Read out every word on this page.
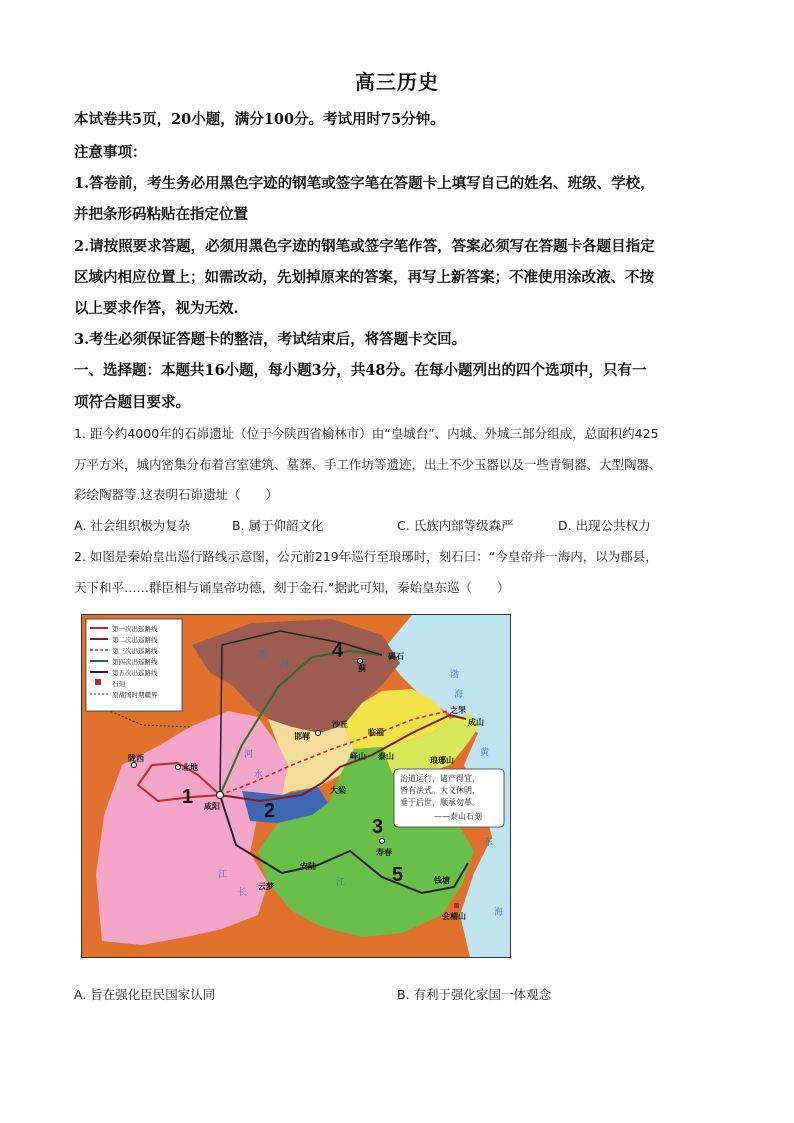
高三历史
本试卷共5页，20小题，满分100分。考试用时75分钟。
注意事项：
1.答卷前，考生务必用黑色字迹的钢笔或签字笔在答题卡上填写自己的姓名、班级、学校，
并把条形码粘贴在指定位置
2.请按照要求答题，必须用黑色字迹的钢笔或签字笔作答，答案必须写在答题卡各题目指定
区域内相应位置上；如需改动，先划掉原来的答案，再写上新答案；不准使用涂改液、不按
以上要求作答，视为无效.
3.考生必须保证答题卡的整洁，考试结束后，将答题卡交回。
一、选择题：本题共16小题，每小题3分，共48分。在每小题列出的四个选项中，只有一
项符合题目要求。
1. 距今约4000年的石峁遗址（位于今陕西省榆林市）由“皇城台”、内城、外城三部分组成，总面积约425
万平方米，城内密集分布着宫室建筑、墓葬、手工作坊等遗迹，出土不少玉器以及一些青铜器、大型陶器、
彩绘陶器等.这表明石峁遗址（　　）
A. 社会组织极为复杂	B. 属于仰韶文化	C. 氏族内部等级森严	D. 出现公共权力
2. 如图是秦始皇出巡行路线示意图，公元前219年巡行至琅琊时，刻石曰：“今皇帝并一海内，以为郡县，
天下和平……群臣相与诵皇帝功德，刻于金石.”据此可知，秦始皇东巡（　　）
第一次出巡路线
第二次出巡路线
第三次出巡路线
第四次出巡路线
第五次出巡路线
石刻
原战国时期疆界
黄
河
河
水
江
长
江
渤
海
黄
东
海
陇西
北地
咸阳
邯郸
沙丘
临淄
之罘
琅琊山
泰山
峄山
大梁
寿春
安陆
云梦
钱塘
会稽山
碣石
蓟
成山
1
2
3
4
5
治道运行，诸产得宜，
皆有法式。大义休明，
垂于后世，顺承勿革。
——泰山石刻
A. 旨在强化臣民国家认同	B. 有利于强化家国一体观念
